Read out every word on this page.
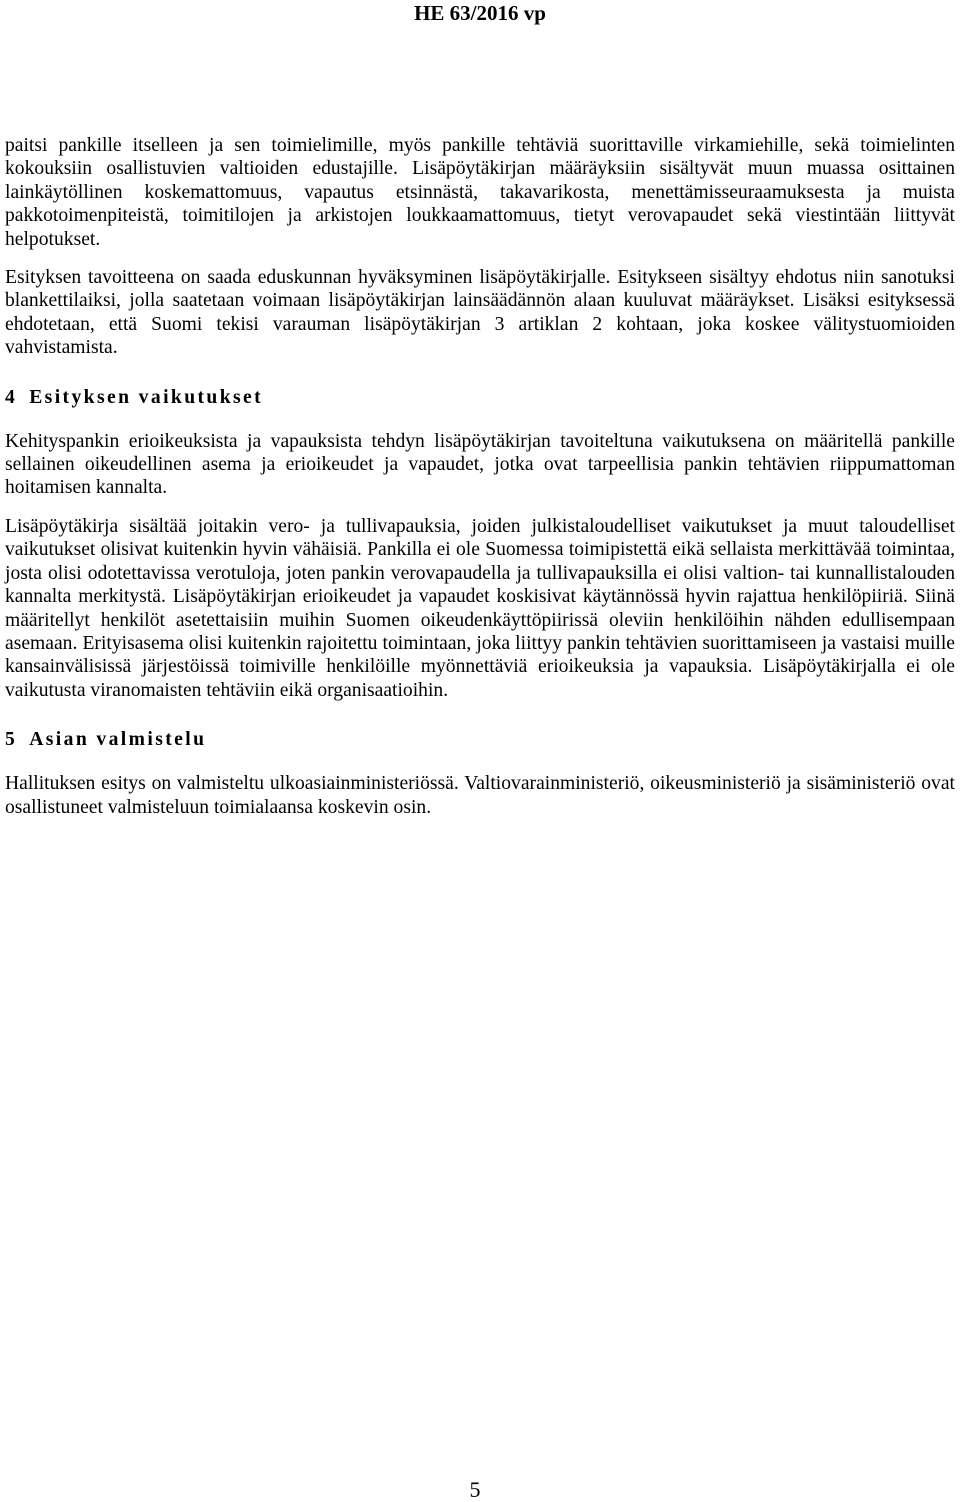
HE 63/2016 vp

paitsi pankille itselleen ja sen toimielimille, myös pankille tehtäviä suorittaville virkamiehille, sekä toimielinten kokouksiin osallistuvien valtioiden edustajille. Lisäpöytäkirjan määräyksiin sisältyvät muun muassa osittainen lainkäytöllinen koskemattomuus, vapautus etsinnästä, takavarikosta, menettämisseuraamuksesta ja muista pakkotoimenpiteistä, toimitilojen ja arkistojen loukkaamattomuus, tietyt verovapaudet sekä viestintään liittyvät helpotukset.

Esityksen tavoitteena on saada eduskunnan hyväksyminen lisäpöytäkirjalle. Esitykseen sisältyy ehdotus niin sanotuksi blankettilaiksi, jolla saatetaan voimaan lisäpöytäkirjan lainsäädännön alaan kuuluvat määräykset. Lisäksi esityksessä ehdotetaan, että Suomi tekisi varauman lisäpöytäkirjan 3 artiklan 2 kohtaan, joka koskee välitystuomioiden vahvistamista.

4 Esityksen vaikutukset

Kehityspankin erioikeuksista ja vapauksista tehdyn lisäpöytäkirjan tavoiteltuna vaikutuksena on määritellä pankille sellainen oikeudellinen asema ja erioikeudet ja vapaudet, jotka ovat tarpeellisia pankin tehtävien riippumattoman hoitamisen kannalta.

Lisäpöytäkirja sisältää joitakin vero- ja tullivapauksia, joiden julkistaloudelliset vaikutukset ja muut taloudelliset vaikutukset olisivat kuitenkin hyvin vähäisiä. Pankilla ei ole Suomessa toimipistettä eikä sellaista merkittävää toimintaa, josta olisi odotettavissa verotuloja, joten pankin verovapaudella ja tullivapauksilla ei olisi valtion- tai kunnallistalouden kannalta merkitystä. Lisäpöytäkirjan erioikeudet ja vapaudet koskisivat käytännössä hyvin rajattua henkilöpiiriä. Siinä määritellyt henkilöt asetettaisiin muihin Suomen oikeudenkäyttöpiirissä oleviin henkilöihin nähden edullisempaan asemaan. Erityisasema olisi kuitenkin rajoitettu toimintaan, joka liittyy pankin tehtävien suorittamiseen ja vastaisi muille kansainvälisissä järjestöissä toimiville henkilöille myönnettäviä erioikeuksia ja vapauksia. Lisäpöytäkirjalla ei ole vaikutusta viranomaisten tehtäviin eikä organisaatioihin.

5 Asian valmistelu

Hallituksen esitys on valmisteltu ulkoasiainministeriössä. Valtiovarainministeriö, oikeusministeriö ja sisäministeriö ovat osallistuneet valmisteluun toimialaansa koskevin osin.

5
